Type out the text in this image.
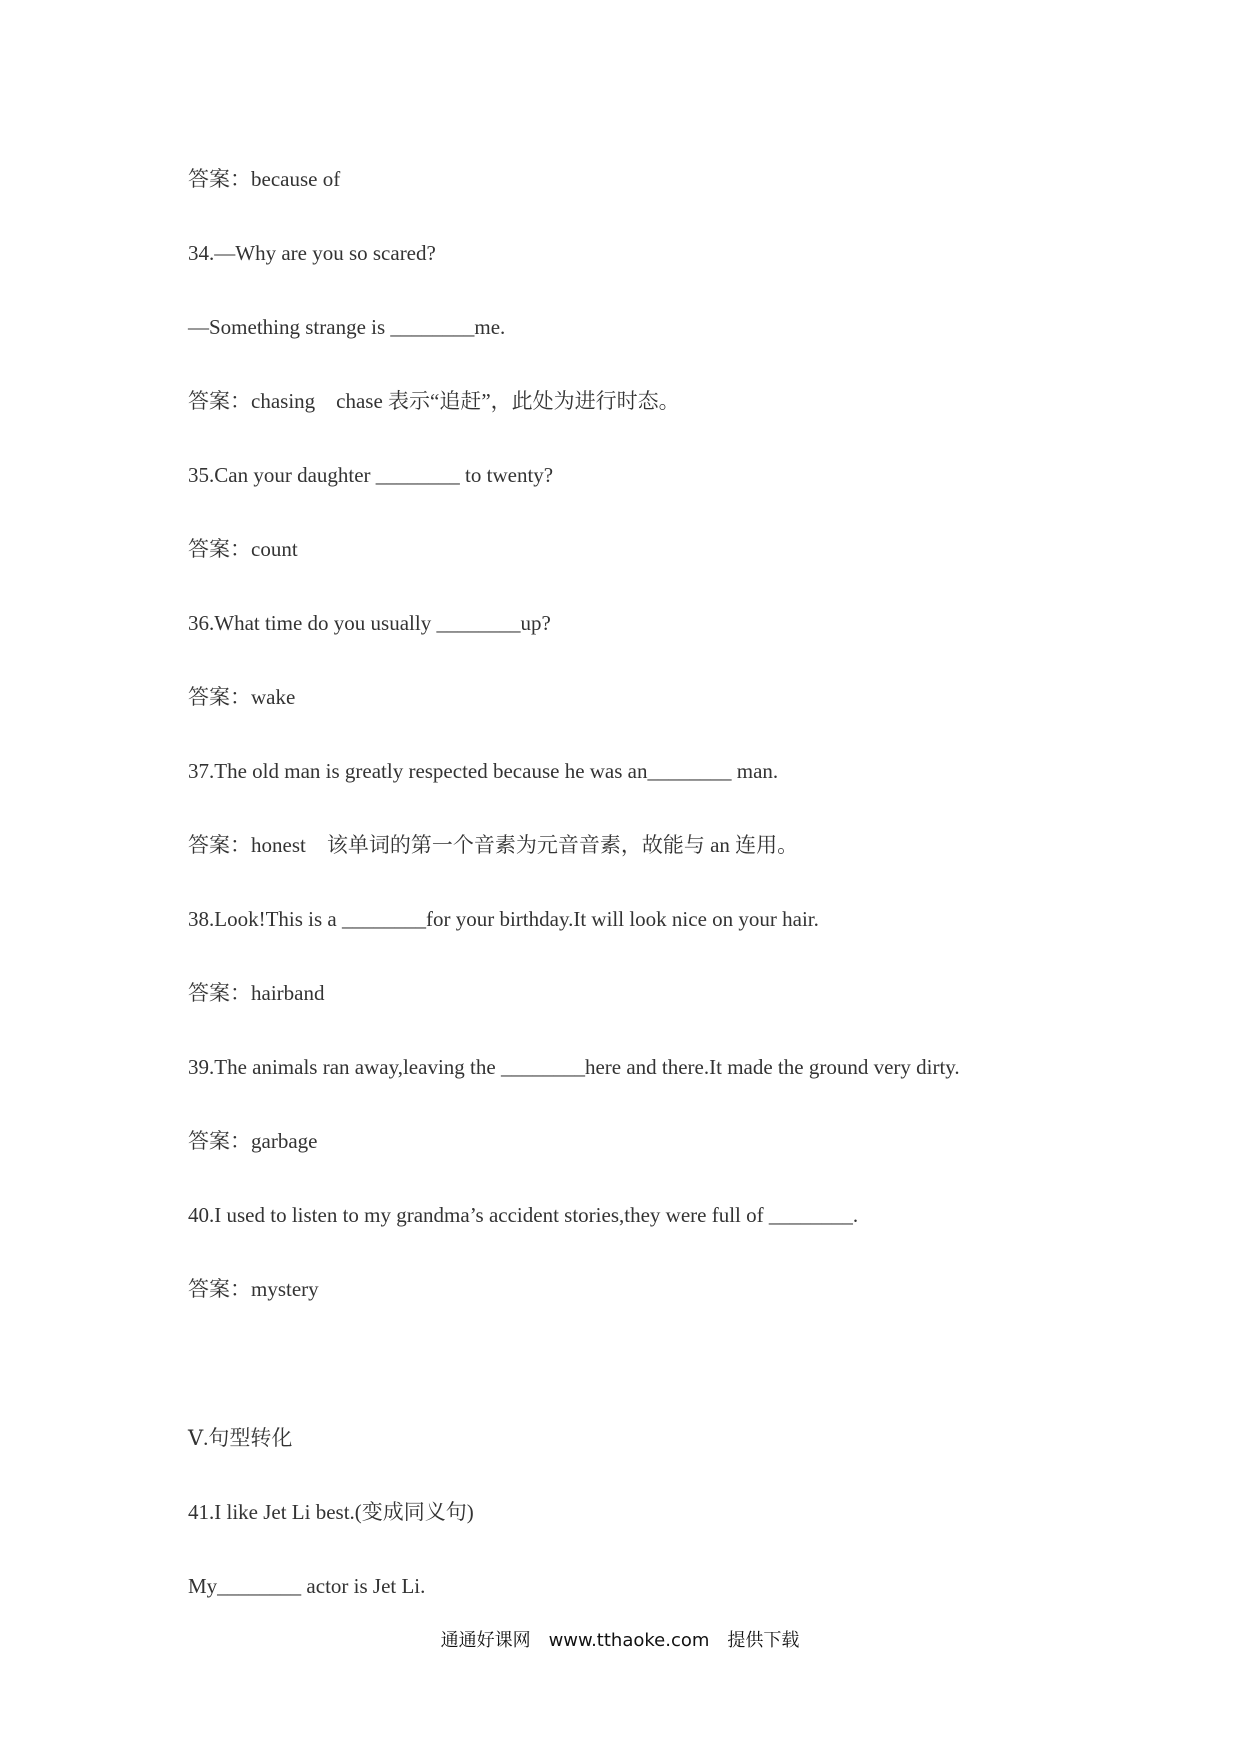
答案：because of
34.—Why are you so scared?
—Something strange is ________me.
答案：chasing　chase 表示“追赶”，此处为进行时态。
35.Can your daughter ________ to twenty?
答案：count
36.What time do you usually ________up?
答案：wake
37.The old man is greatly respected because he was an________ man.
答案：honest　该单词的第一个音素为元音音素，故能与 an 连用。
38.Look!This is a ________for your birthday.It will look nice on your hair.
答案：hairband
39.The animals ran away,leaving the ________here and there.It made the ground very dirty.
答案：garbage
40.I used to listen to my grandma’s accident stories,they were full of ________.
答案：mystery
Ⅴ.句型转化
41.I like Jet Li best.(变成同义句)
My________ actor is Jet Li.
通通好课网　www.tthaoke.com　提供下载
